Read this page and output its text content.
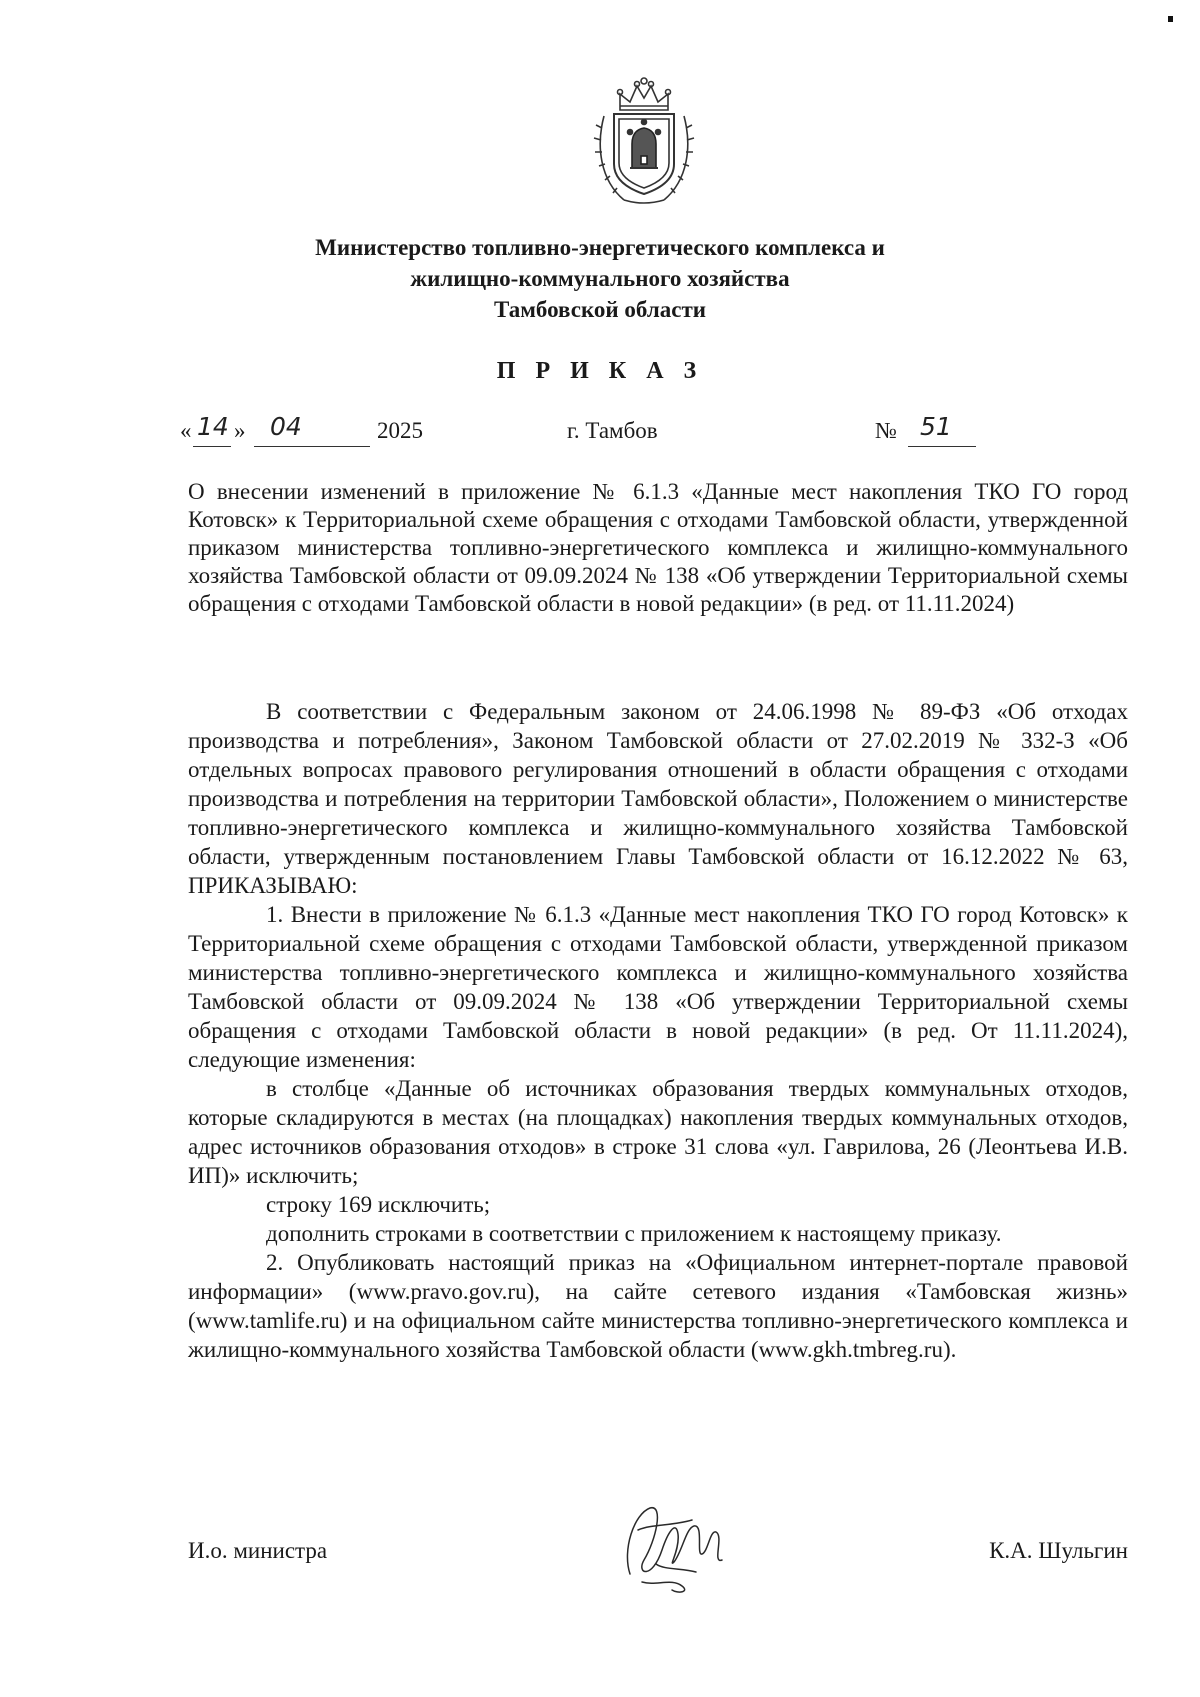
Министерство топливно-энергетического комплекса и
жилищно-коммунального хозяйства
Тамбовской области
П Р И К А З
« 14 » 04	2025	г. Тамбов	№ 51
О внесении изменений в приложение № 6.1.3 «Данные мест накопления ТКО ГО город Котовск» к Территориальной схеме обращения с отходами Тамбовской области, утвержденной приказом министерства топливно-энергетического комплекса и жилищно-коммунального хозяйства Тамбовской области от 09.09.2024 № 138 «Об утверждении Территориальной схемы обращения с отходами Тамбовской области в новой редакции» (в ред. от 11.11.2024)

В соответствии с Федеральным законом от 24.06.1998 № 89-ФЗ «Об отходах производства и потребления», Законом Тамбовской области от 27.02.2019 № 332-З «Об отдельных вопросах правового регулирования отношений в области обращения с отходами производства и потребления на территории Тамбовской области», Положением о министерстве топливно-энергетического комплекса и жилищно-коммунального хозяйства Тамбовской области, утвержденным постановлением Главы Тамбовской области от 16.12.2022 № 63, ПРИКАЗЫВАЮ:

1. Внести в приложение № 6.1.3 «Данные мест накопления ТКО ГО город Котовск» к Территориальной схеме обращения с отходами Тамбовской области, утвержденной приказом министерства топливно-энергетического комплекса и жилищно-коммунального хозяйства Тамбовской области от 09.09.2024 № 138 «Об утверждении Территориальной схемы обращения с отходами Тамбовской области в новой редакции» (в ред. От 11.11.2024), следующие изменения:

в столбце «Данные об источниках образования твердых коммунальных отходов, которые складируются в местах (на площадках) накопления твердых коммунальных отходов, адрес источников образования отходов» в строке 31 слова «ул. Гаврилова, 26 (Леонтьева И.В. ИП)» исключить;

строку 169 исключить;

дополнить строками в соответствии с приложением к настоящему приказу.

2. Опубликовать настоящий приказ на «Официальном интернет-портале правовой информации» (www.pravo.gov.ru), на сайте сетевого издания «Тамбовская жизнь» (www.tamlife.ru) и на официальном сайте министерства топливно-энергетического комплекса и жилищно-коммунального хозяйства Тамбовской области (www.gkh.tmbreg.ru).

И.о. министра	К.А. Шульгин
